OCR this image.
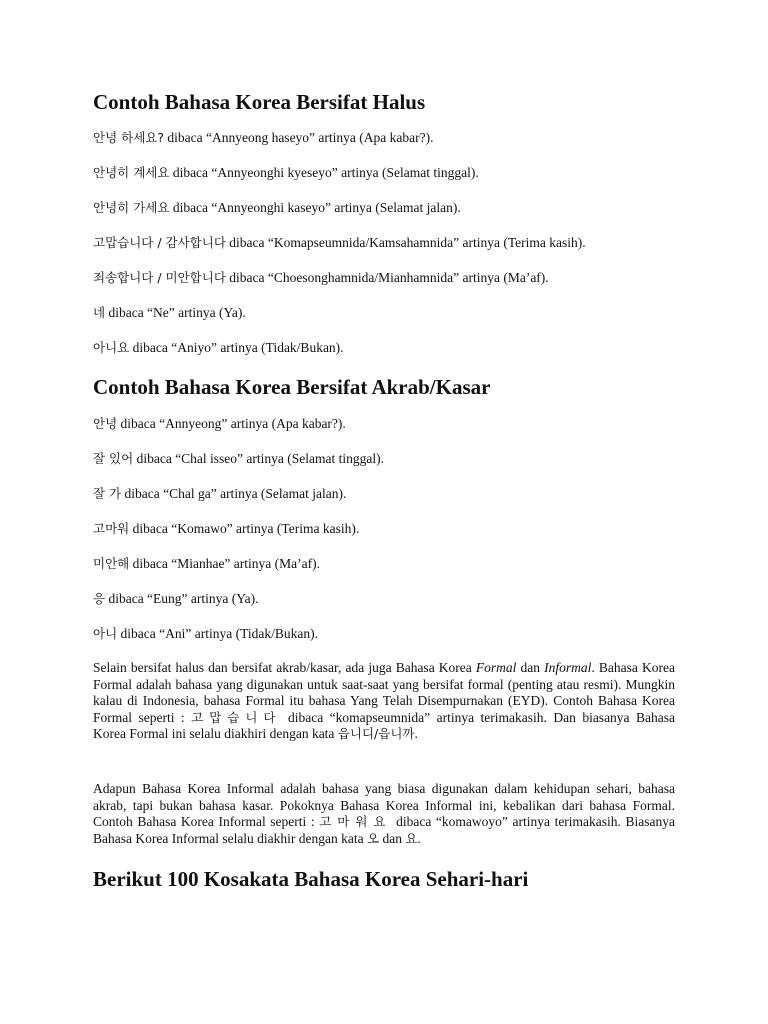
Contoh Bahasa Korea Bersifat Halus

안녕 하세요? dibaca “Annyeong haseyo” artinya (Apa kabar?).

안녕히 계세요 dibaca “Annyeonghi kyeseyo” artinya (Selamat tinggal).

안녕히 가세요 dibaca “Annyeonghi kaseyo” artinya (Selamat jalan).

고맙습니다 / 감사합니다 dibaca “Komapseumnida/Kamsahamnida” artinya (Terima kasih).

죄송합니다 / 미안합니다 dibaca “Choesonghamnida/Mianhamnida” artinya (Ma’af).

네 dibaca “Ne” artinya (Ya).

아니요 dibaca “Aniyo” artinya (Tidak/Bukan).

Contoh Bahasa Korea Bersifat Akrab/Kasar

안녕 dibaca “Annyeong” artinya (Apa kabar?).

잘 있어 dibaca “Chal isseo” artinya (Selamat tinggal).

잘 가 dibaca “Chal ga” artinya (Selamat jalan).

고마워 dibaca “Komawo” artinya (Terima kasih).

미안해 dibaca “Mianhae” artinya (Ma’af).

응 dibaca “Eung” artinya (Ya).

아니 dibaca “Ani” artinya (Tidak/Bukan).

Selain bersifat halus dan bersifat akrab/kasar, ada juga Bahasa Korea Formal dan Informal. Bahasa Korea Formal adalah bahasa yang digunakan untuk saat-saat yang bersifat formal (penting atau resmi). Mungkin kalau di Indonesia, bahasa Formal itu bahasa Yang Telah Disempurnakan (EYD). Contoh Bahasa Korea Formal seperti : 고맙습니다 dibaca “komapseumnida” artinya terimakasih. Dan biasanya Bahasa Korea Formal ini selalu diakhiri dengan kata 읍니디/읍니까.

Adapun Bahasa Korea Informal adalah bahasa yang biasa digunakan dalam kehidupan sehari, bahasa akrab, tapi bukan bahasa kasar. Pokoknya Bahasa Korea Informal ini, kebalikan dari bahasa Formal. Contoh Bahasa Korea Informal seperti : 고마워요 dibaca “komawoyo” artinya terimakasih. Biasanya Bahasa Korea Informal selalu diakhir dengan kata 오 dan 요.

Berikut 100 Kosakata Bahasa Korea Sehari-hari
